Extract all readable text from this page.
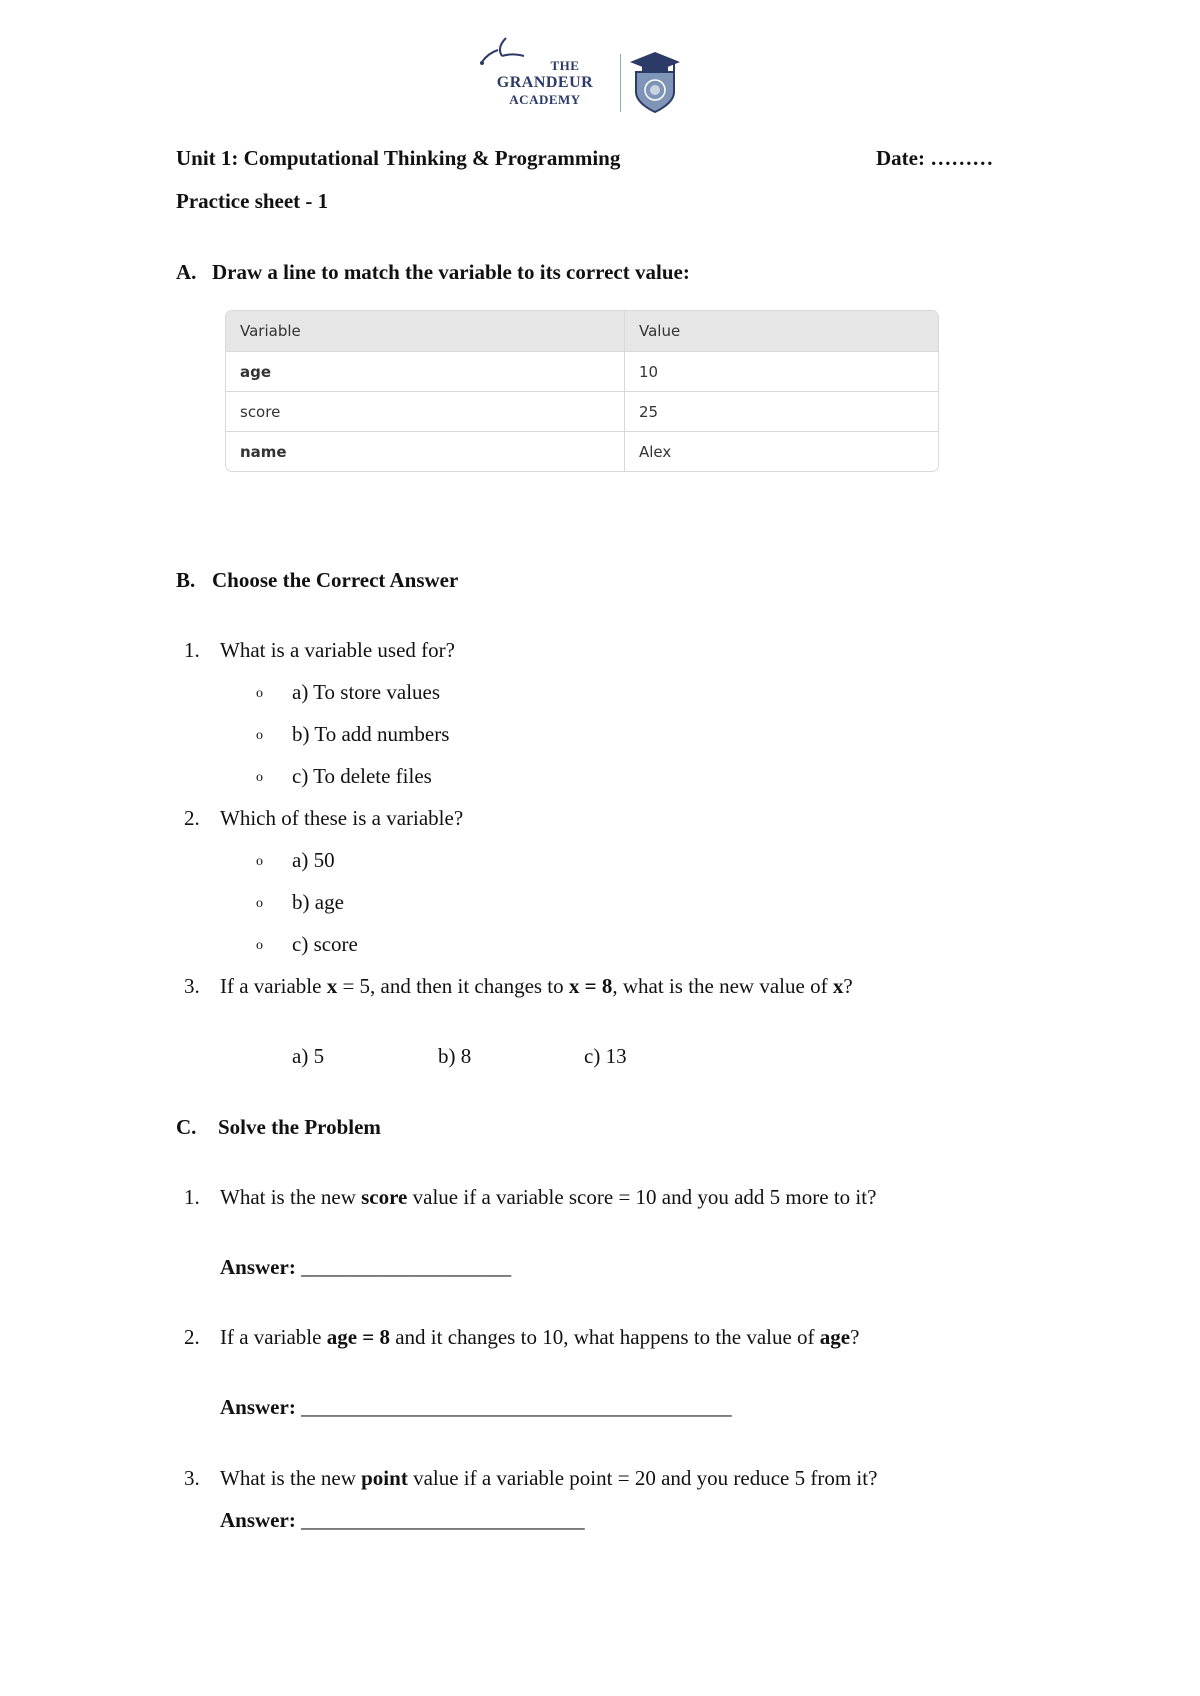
THE
GRANDEUR
ACADEMY
Unit 1: Computational Thinking & Programming	Date: ………
Practice sheet - 1
A. Draw a line to match the variable to its correct value:
Variable	Value
age	10
score	25
name	Alex
B. Choose the Correct Answer
1. What is a variable used for?
o a) To store values
o b) To add numbers
o c) To delete files
2. Which of these is a variable?
o a) 50
o b) age
o c) score
3. If a variable x = 5, and then it changes to x = 8, what is the new value of x?
a) 5	b) 8	c) 13
C. Solve the Problem
1. What is the new score value if a variable score = 10 and you add 5 more to it?
Answer: ____________________
2. If a variable age = 8 and it changes to 10, what happens to the value of age?
Answer: _________________________________________
3. What is the new point value if a variable point = 20 and you reduce 5 from it?
Answer: ___________________________
